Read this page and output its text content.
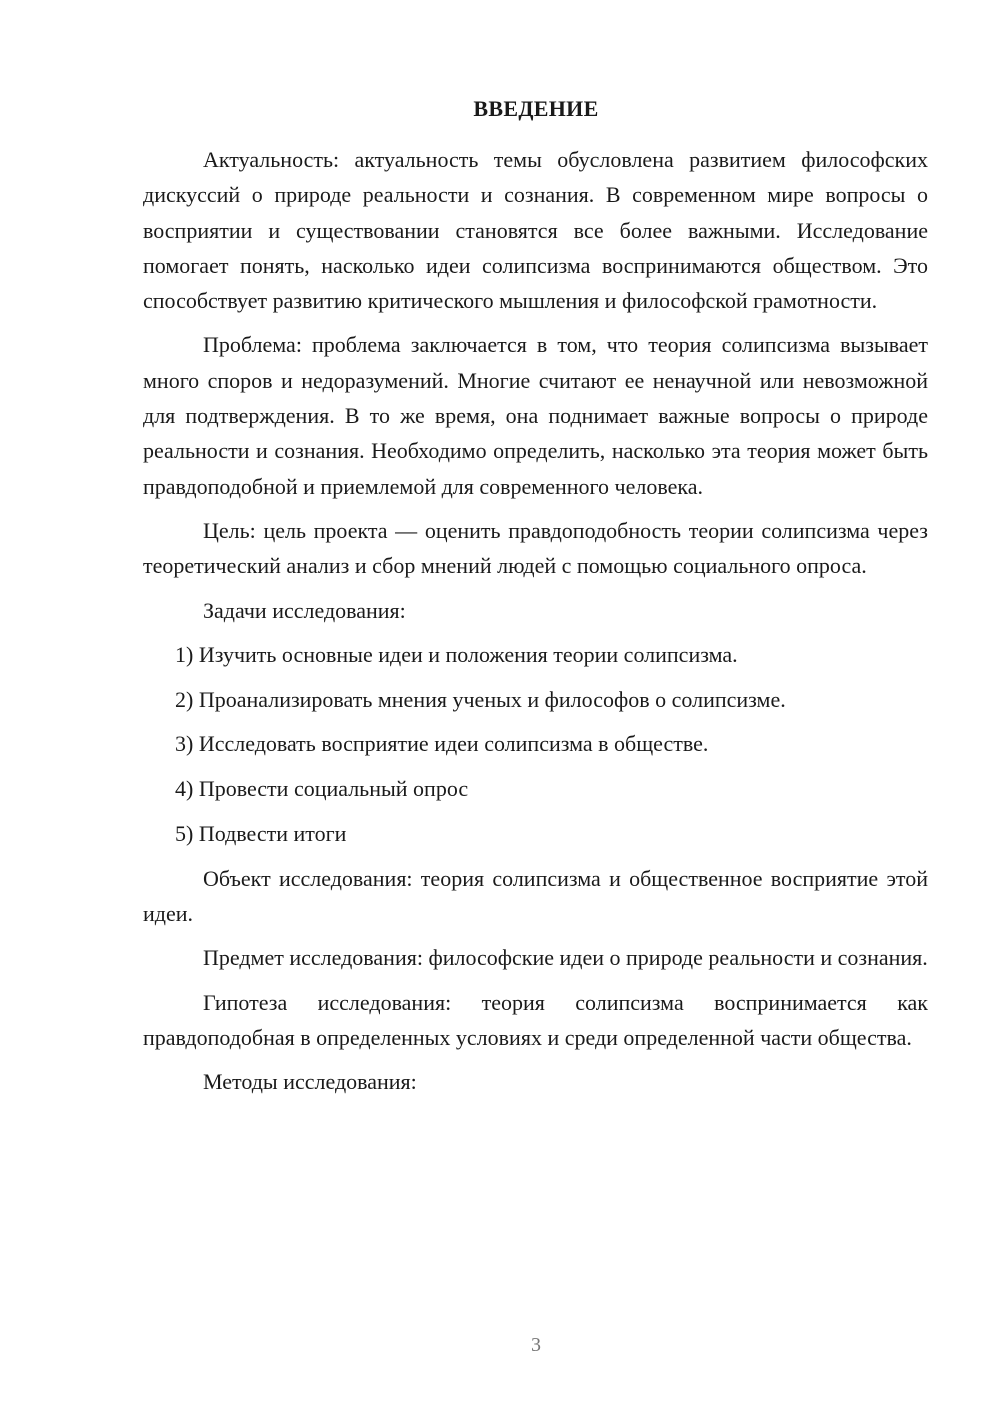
ВВЕДЕНИЕ

Актуальность: актуальность темы обусловлена развитием философских дискуссий о природе реальности и сознания. В современном мире вопросы о восприятии и существовании становятся все более важными. Исследование помогает понять, насколько идеи солипсизма воспринимаются обществом. Это способствует развитию критического мышления и философской грамотности.

Проблема: проблема заключается в том, что теория солипсизма вызывает много споров и недоразумений. Многие считают ее ненаучной или невозможной для подтверждения. В то же время, она поднимает важные вопросы о природе реальности и сознания. Необходимо определить, насколько эта теория может быть правдоподобной и приемлемой для современного человека.

Цель: цель проекта — оценить правдоподобность теории солипсизма через теоретический анализ и сбор мнений людей с помощью социального опроса.

Задачи исследования:

1) Изучить основные идеи и положения теории солипсизма.
2) Проанализировать мнения ученых и философов о солипсизме.
3) Исследовать восприятие идеи солипсизма в обществе.
4) Провести социальный опрос
5) Подвести итоги

Объект исследования: теория солипсизма и общественное восприятие этой идеи.

Предмет исследования: философские идеи о природе реальности и сознания.

Гипотеза исследования: теория солипсизма воспринимается как правдоподобная в определенных условиях и среди определенной части общества.

Методы исследования:

3
